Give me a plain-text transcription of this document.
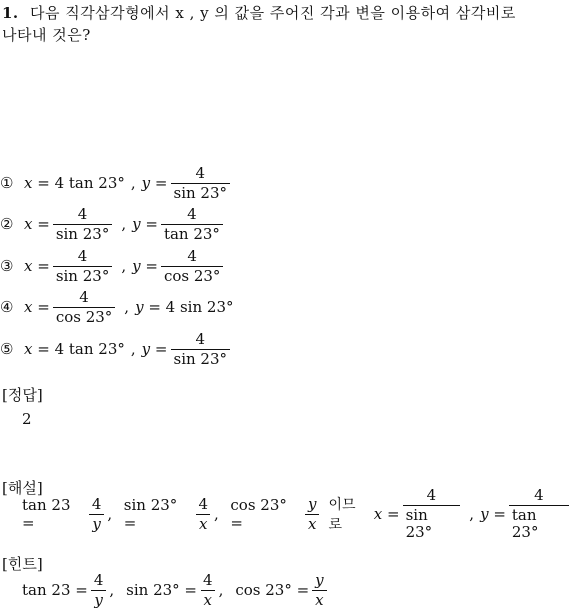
1. 다음 직각삼각형에서 x , y 의 값을 주어진 각과 변을 이용하여 삼각비로
나타내 것은?
① x = 4 tan 23° , $y = \frac{4}{\sin 23^\circ}$
② $x = \frac{4}{\sin 23^\circ}$ , $y = \frac{4}{\tan 23^\circ}$
③ $x = \frac{4}{\sin 23^\circ}$ , $y = \frac{4}{\cos 23^\circ}$
④ $x = \frac{4}{\cos 23^\circ}$ , y = 4 sin 23°
⑤ x = 4 tan 23° , $y = \frac{4}{\sin 23^\circ}$
[정답]
2
[해설]
tan 23 =	$\frac{4}{y}$ , sin 23° =	$\frac{4}{x}$ , cos 23° =	$\frac{y}{x}$ 이므로
$x = \frac{4}{\sin 23^\circ}$ , $y = \frac{4}{\tan 23^\circ}$
[힌트]
$\tan 23 = \frac{4}{y}$ , $\sin 23^\circ = \frac{4}{x}$ , $\cos 23^\circ = \frac{y}{x}$
